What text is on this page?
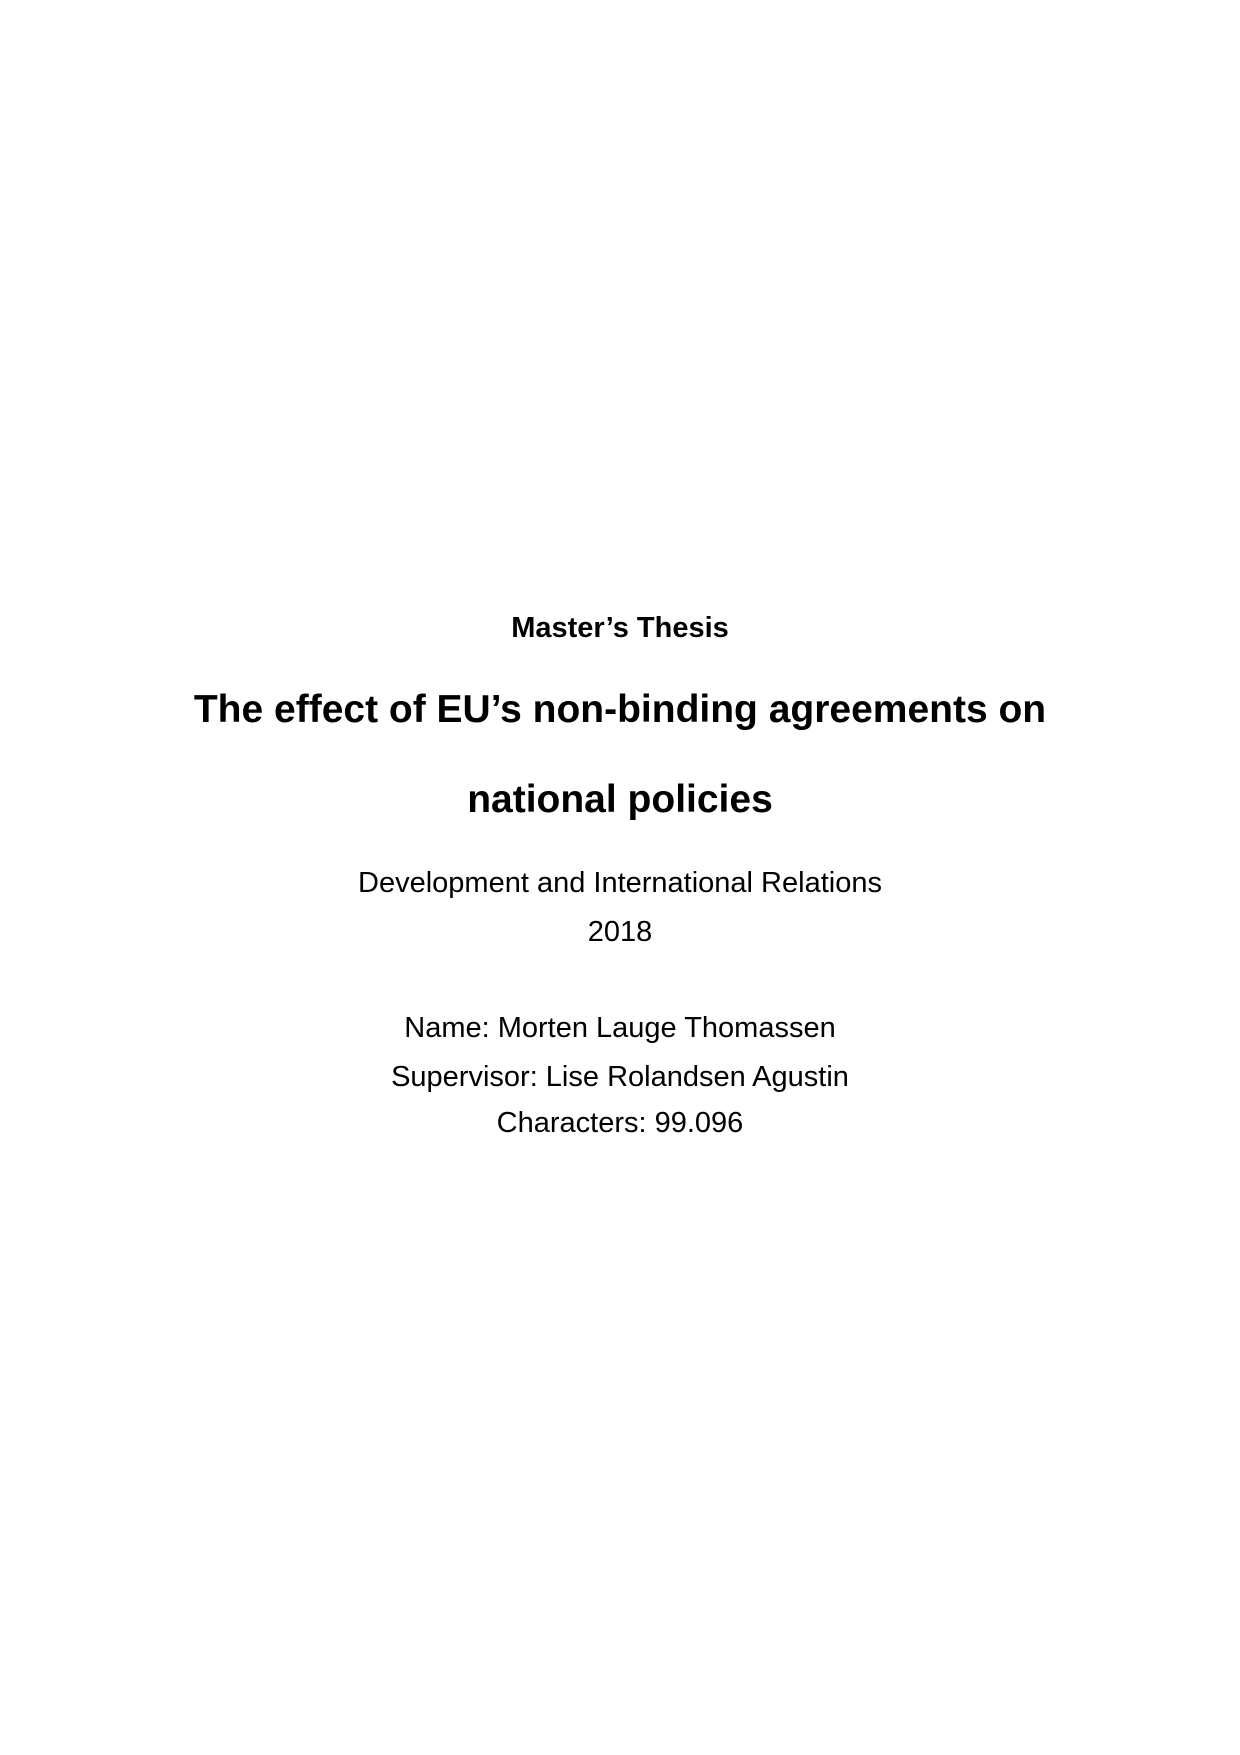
Master’s Thesis
The effect of EU’s non-binding agreements on
national policies
Development and International Relations
2018
Name: Morten Lauge Thomassen
Supervisor: Lise Rolandsen Agustin
Characters: 99.096
